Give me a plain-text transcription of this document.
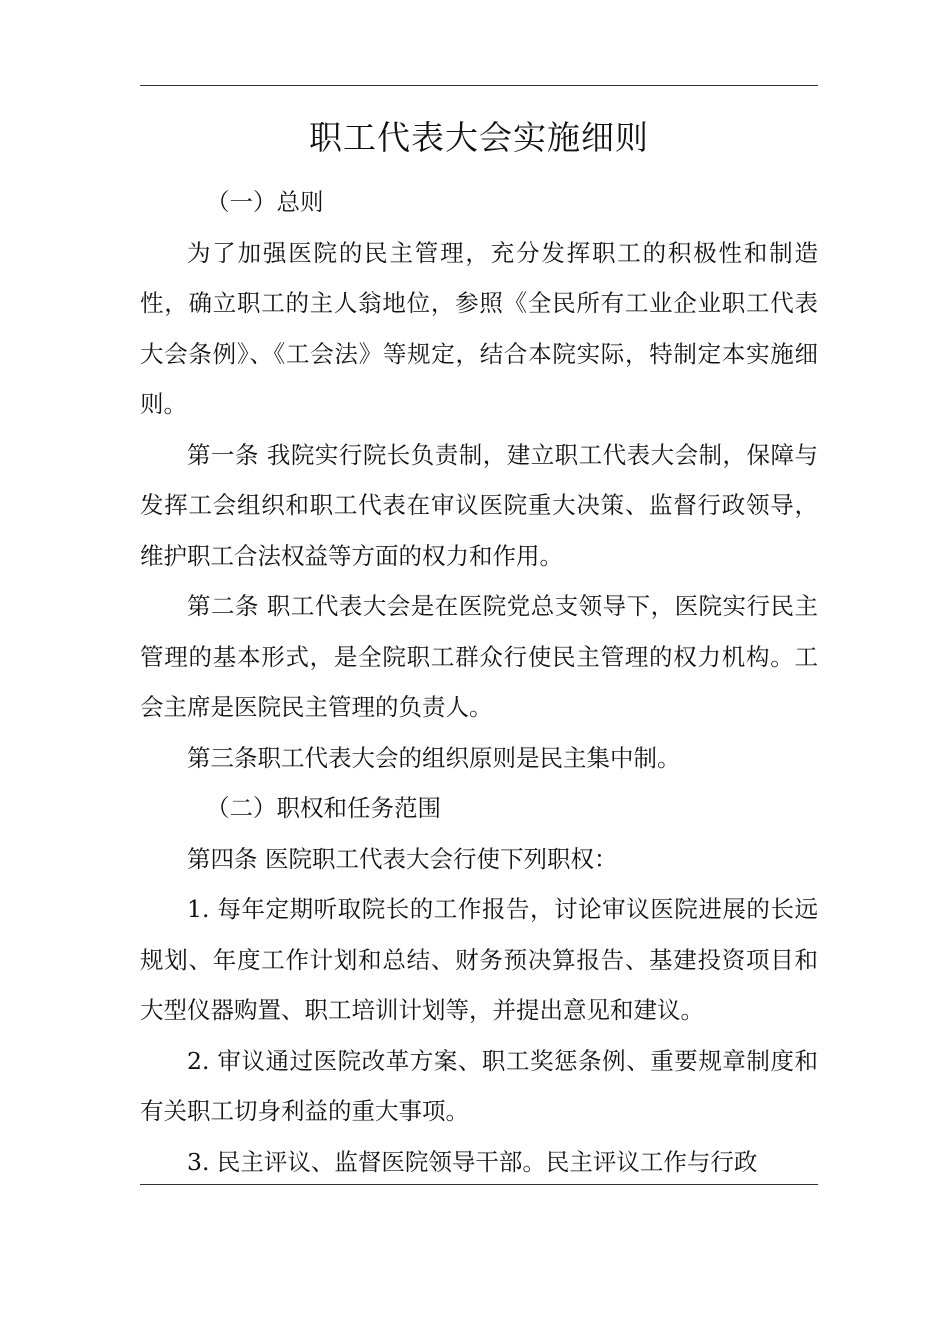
职工代表大会实施细则

（一）总则

为了加强医院的民主管理，充分发挥职工的积极性和制造性，确立职工的主人翁地位，参照《全民所有工业企业职工代表大会条例》、《工会法》等规定，结合本院实际，特制定本实施细则。

第一条 我院实行院长负责制，建立职工代表大会制，保障与发挥工会组织和职工代表在审议医院重大决策、监督行政领导，维护职工合法权益等方面的权力和作用。

第二条 职工代表大会是在医院党总支领导下，医院实行民主管理的基本形式，是全院职工群众行使民主管理的权力机构。工会主席是医院民主管理的负责人。

第三条职工代表大会的组织原则是民主集中制。

（二）职权和任务范围

第四条 医院职工代表大会行使下列职权：

1. 每年定期听取院长的工作报告，讨论审议医院进展的长远规划、年度工作计划和总结、财务预决算报告、基建投资项目和大型仪器购置、职工培训计划等，并提出意见和建议。

2. 审议通过医院改革方案、职工奖惩条例、重要规章制度和有关职工切身利益的重大事项。

3. 民主评议、监督医院领导干部。民主评议工作与行政
